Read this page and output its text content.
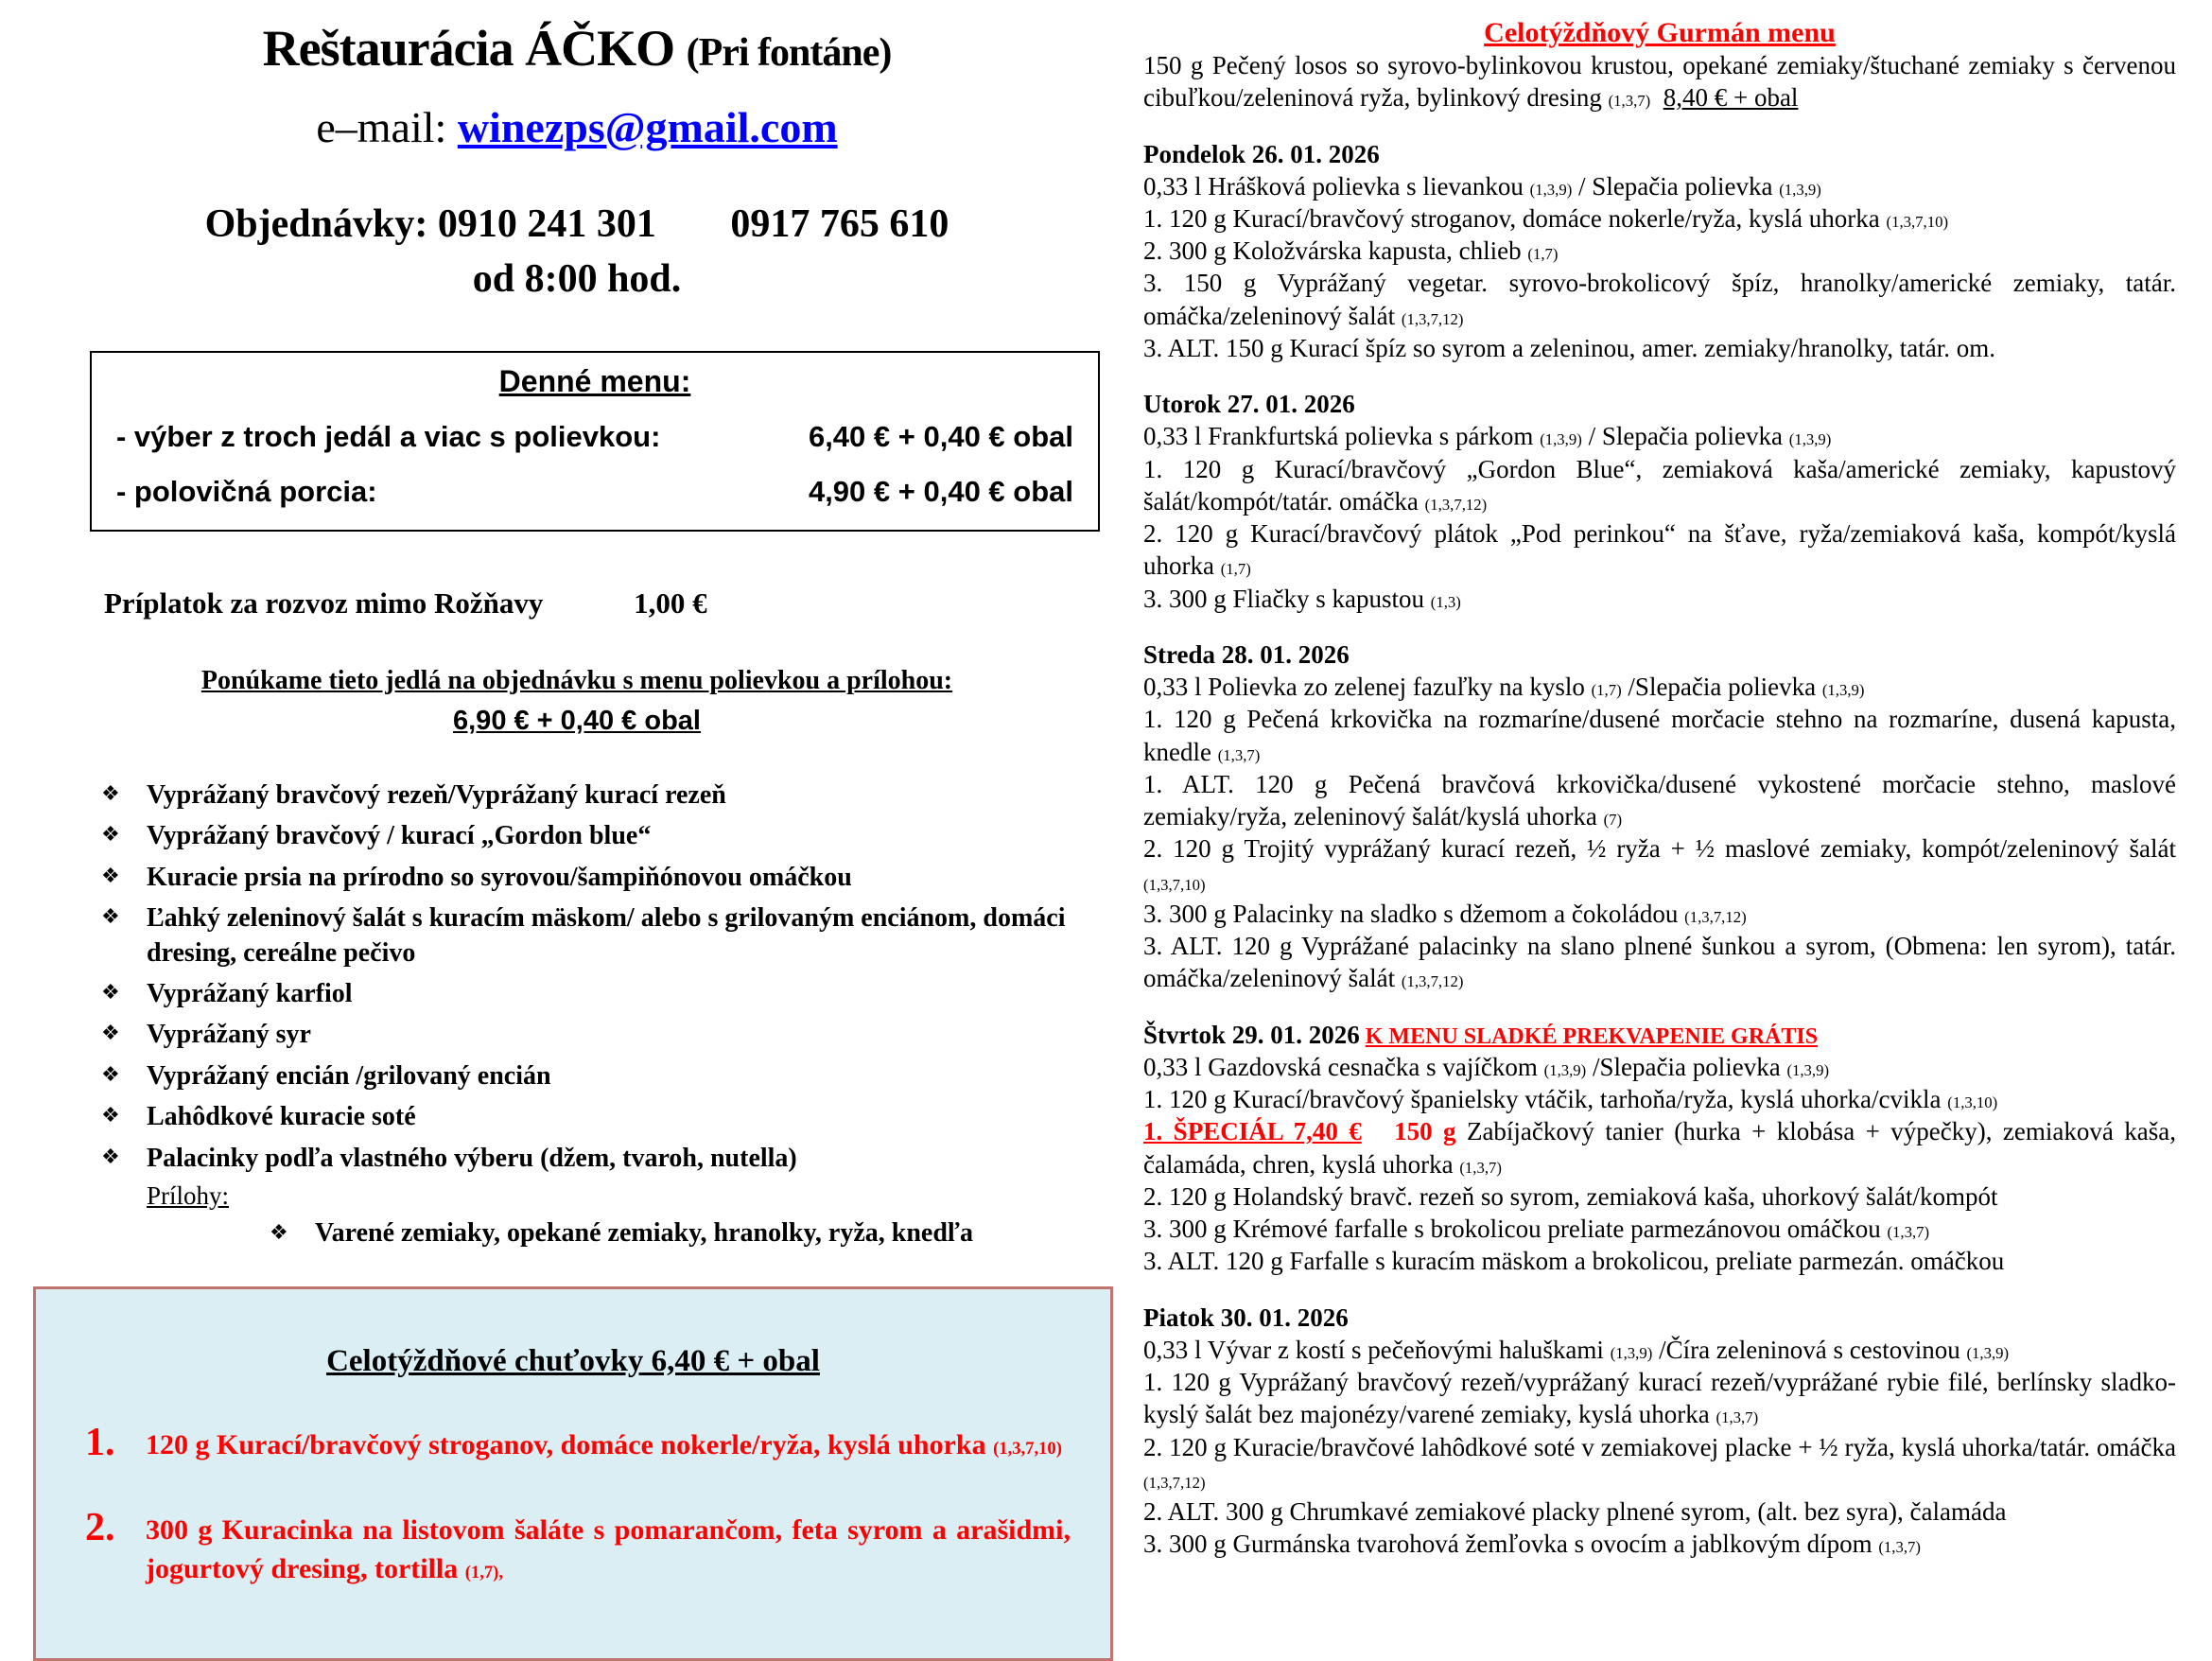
Reštaurácia ÁČKO (Pri fontáne)
e–mail: winezps@gmail.com
Objednávky: 0910 241 301 0917 765 610
od 8:00 hod.
Denné menu:
- výber z troch jedál a viac s polievkou:	6,40 € + 0,40 € obal
- polovičná porcia:	4,90 € + 0,40 € obal
Príplatok za rozvoz mimo Rožňavy	1,00 €
Ponúkame tieto jedlá na objednávku s menu polievkou a prílohou:
6,90 € + 0,40 € obal
❖	Vyprážaný bravčový rezeň/Vyprážaný kurací rezeň
❖	Vyprážaný bravčový / kurací „Gordon blue“
❖	Kuracie prsia na prírodno so syrovou/šampiňónovou omáčkou
❖	Ľahký zeleninový šalát s kuracím mäskom/ alebo s grilovaným enciánom, domáci dresing, cereálne pečivo
❖	Vyprážaný karfiol
❖	Vyprážaný syr
❖	Vyprážaný encián /grilovaný encián
❖	Lahôdkové kuracie soté
❖	Palacinky podľa vlastného výberu (džem, tvaroh, nutella)
Prílohy:
❖	Varené zemiaky, opekané zemiaky, hranolky, ryža, knedľa
Celotýždňové chuťovky 6,40 € + obal
1.	120 g Kurací/bravčový stroganov, domáce nokerle/ryža, kyslá uhorka (1,3,7,10)
2.	300 g Kuracinka na listovom šaláte s pomarančom, feta syrom a arašidmi, jogurtový dresing, tortilla (1,7),
Celotýždňový Gurmán menu

150 g Pečený losos so syrovo-bylinkovou krustou, opekané zemiaky/štuchané zemiaky s červenou cibuľkou/zeleninová ryža, bylinkový dresing (1,3,7) 8,40 € + obal

Pondelok 26. 01. 2026

0,33 l Hrášková polievka s lievankou (1,3,9) / Slepačia polievka (1,3,9)

1. 120 g Kurací/bravčový stroganov, domáce nokerle/ryža, kyslá uhorka (1,3,7,10)

2. 300 g Koložvárska kapusta, chlieb (1,7)

3. 150 g Vyprážaný vegetar. syrovo-brokolicový špíz, hranolky/americké zemiaky, tatár. omáčka/zeleninový šalát (1,3,7,12)

3. ALT. 150 g Kurací špíz so syrom a zeleninou, amer. zemiaky/hranolky, tatár. om.

Utorok 27. 01. 2026

0,33 l Frankfurtská polievka s párkom (1,3,9) / Slepačia polievka (1,3,9)

1. 120 g Kurací/bravčový „Gordon Blue“, zemiaková kaša/americké zemiaky, kapustový šalát/kompót/tatár. omáčka (1,3,7,12)

2. 120 g Kurací/bravčový plátok „Pod perinkou“ na šťave, ryža/zemiaková kaša, kompót/kyslá uhorka (1,7)

3. 300 g Fliačky s kapustou (1,3)

Streda 28. 01. 2026

0,33 l Polievka zo zelenej fazuľky na kyslo (1,7) /Slepačia polievka (1,3,9)

1. 120 g Pečená krkovička na rozmaríne/dusené morčacie stehno na rozmaríne, dusená kapusta, knedle (1,3,7)

1. ALT. 120 g Pečená bravčová krkovička/dusené vykostené morčacie stehno, maslové zemiaky/ryža, zeleninový šalát/kyslá uhorka (7)

2. 120 g Trojitý vyprážaný kurací rezeň, ½ ryža + ½ maslové zemiaky, kompót/zeleninový šalát (1,3,7,10)

3. 300 g Palacinky na sladko s džemom a čokoládou (1,3,7,12)

3. ALT. 120 g Vyprážané palacinky na slano plnené šunkou a syrom, (Obmena: len syrom), tatár. omáčka/zeleninový šalát (1,3,7,12)

Štvrtok 29. 01. 2026 K MENU SLADKÉ PREKVAPENIE GRÁTIS

0,33 l Gazdovská cesnačka s vajíčkom (1,3,9) /Slepačia polievka (1,3,9)

1. 120 g Kurací/bravčový španielsky vtáčik, tarhoňa/ryža, kyslá uhorka/cvikla (1,3,10)

1. ŠPECIÁL 7,40 € 150 g Zabíjačkový tanier (hurka + klobása + výpečky), zemiaková kaša, čalamáda, chren, kyslá uhorka (1,3,7)

2. 120 g Holandský bravč. rezeň so syrom, zemiaková kaša, uhorkový šalát/kompót

3. 300 g Krémové farfalle s brokolicou preliate parmezánovou omáčkou (1,3,7)

3. ALT. 120 g Farfalle s kuracím mäskom a brokolicou, preliate parmezán. omáčkou

Piatok 30. 01. 2026

0,33 l Vývar z kostí s pečeňovými haluškami (1,3,9) /Číra zeleninová s cestovinou (1,3,9)

1. 120 g Vyprážaný bravčový rezeň/vyprážaný kurací rezeň/vyprážané rybie filé, berlínsky sladko-kyslý šalát bez majonézy/varené zemiaky, kyslá uhorka (1,3,7)

2. 120 g Kuracie/bravčové lahôdkové soté v zemiakovej placke + ½ ryža, kyslá uhorka/tatár. omáčka (1,3,7,12)

2. ALT. 300 g Chrumkavé zemiakové placky plnené syrom, (alt. bez syra), čalamáda

3. 300 g Gurmánska tvarohová žemľovka s ovocím a jablkovým dípom (1,3,7)
